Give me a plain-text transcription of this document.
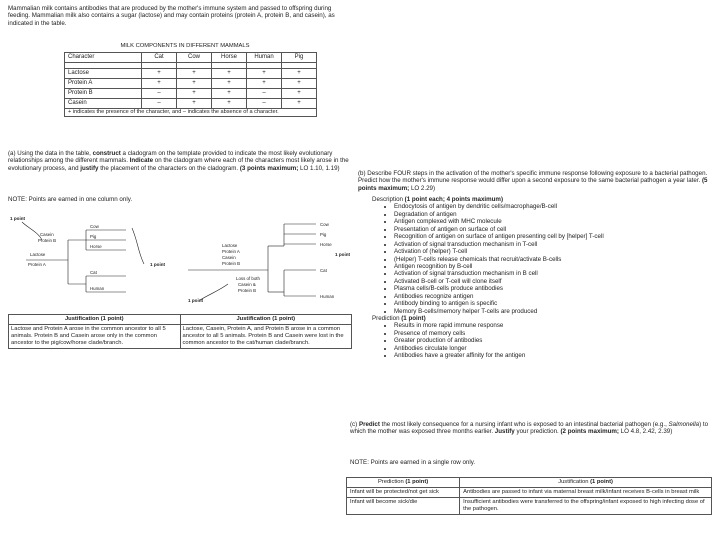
Mammalian milk contains antibodies that are produced by the mother's immune system and passed to offspring during feeding. Mammalian milk also contains a sugar (lactose) and may contain proteins (protein A, protein B, and casein), as indicated in the table.

MILK COMPONENTS IN DIFFERENT MAMMALS
Character	Cat	Cow	Horse	Human	Pig

Lactose	+	+	+	+	+
Protein A	+	+	+	+	+
Protein B	–	+	+	–	+
Casein	–	+	+	–	+
+ indicates the presence of the character, and – indicates the absence of a character.					

(a) Using the data in the table, construct a cladogram on the template provided to indicate the most likely evolutionary relationships among the different mammals. Indicate on the cladogram where each of the characters most likely arose in the evolutionary process, and justify the placement of the characters on the cladogram. (3 points maximum; LO 1.10, 1.19)

NOTE: Points are earned in one column only.

1 point
Casein
Protein B
Lactose
Protein A
Cow
Pig
Horse
Cat
Human
1 point
Lactose
Protein A
Casein
Protein B
Loss of both
Casein &
Protein B
Cow
Pig
Horse
Cat
Human
1 point
1 point
Justification (1 point)	Justification (1 point)
Lactose and Protein A arose in the common ancestor to all 5 animals. Protein B and Casein arose only in the common ancestor to the pig/cow/horse clade/branch.	Lactose, Casein, Protein A, and Protein B arose in a common ancestor to all 5 animals. Protein B and Casein were lost in the common ancestor to the cat/human clade/branch.

(b) Describe FOUR steps in the activation of the mother's specific immune response following exposure to a bacterial pathogen. Predict how the mother's immune response would differ upon a second exposure to the same bacterial pathogen a year later. (5 points maximum; LO 2.29)

Description (1 point each; 4 points maximum)
• Endocytosis of antigen by dendritic cells/macrophage/B-cell
• Degradation of antigen
• Antigen complexed with MHC molecule
• Presentation of antigen on surface of cell
• Recognition of antigen on surface of antigen presenting cell by [helper] T-cell
• Activation of signal transduction mechanism in T-cell
• Activation of (helper) T-cell
• (Helper) T-cells release chemicals that recruit/activate B-cells
• Antigen recognition by B-cell
• Activation of signal transduction mechanism in B cell
• Activated B-cell or T-cell will clone itself
• Plasma cells/B-cells produce antibodies
• Antibodies recognize antigen
• Antibody binding to antigen is specific
• Memory B-cells/memory helper T-cells are produced
Prediction (1 point)
• Results in more rapid immune response
• Presence of memory cells
• Greater production of antibodies
• Antibodies circulate longer
• Antibodies have a greater affinity for the antigen

(c) Predict the most likely consequence for a nursing infant who is exposed to an intestinal bacterial pathogen (e.g., Salmonella) to which the mother was exposed three months earlier. Justify your prediction. (2 points maximum; LO 4.8, 2.42, 2.39)

NOTE: Points are earned in a single row only.

Prediction (1 point)	Justification (1 point)
Infant will be protected/not get sick	Antibodies are passed to infant via maternal breast milk/infant receives B-cells in breast milk
Infant will become sick/die	Insufficient antibodies were transferred to the offspring/infant exposed to high infecting dose of the pathogen.
